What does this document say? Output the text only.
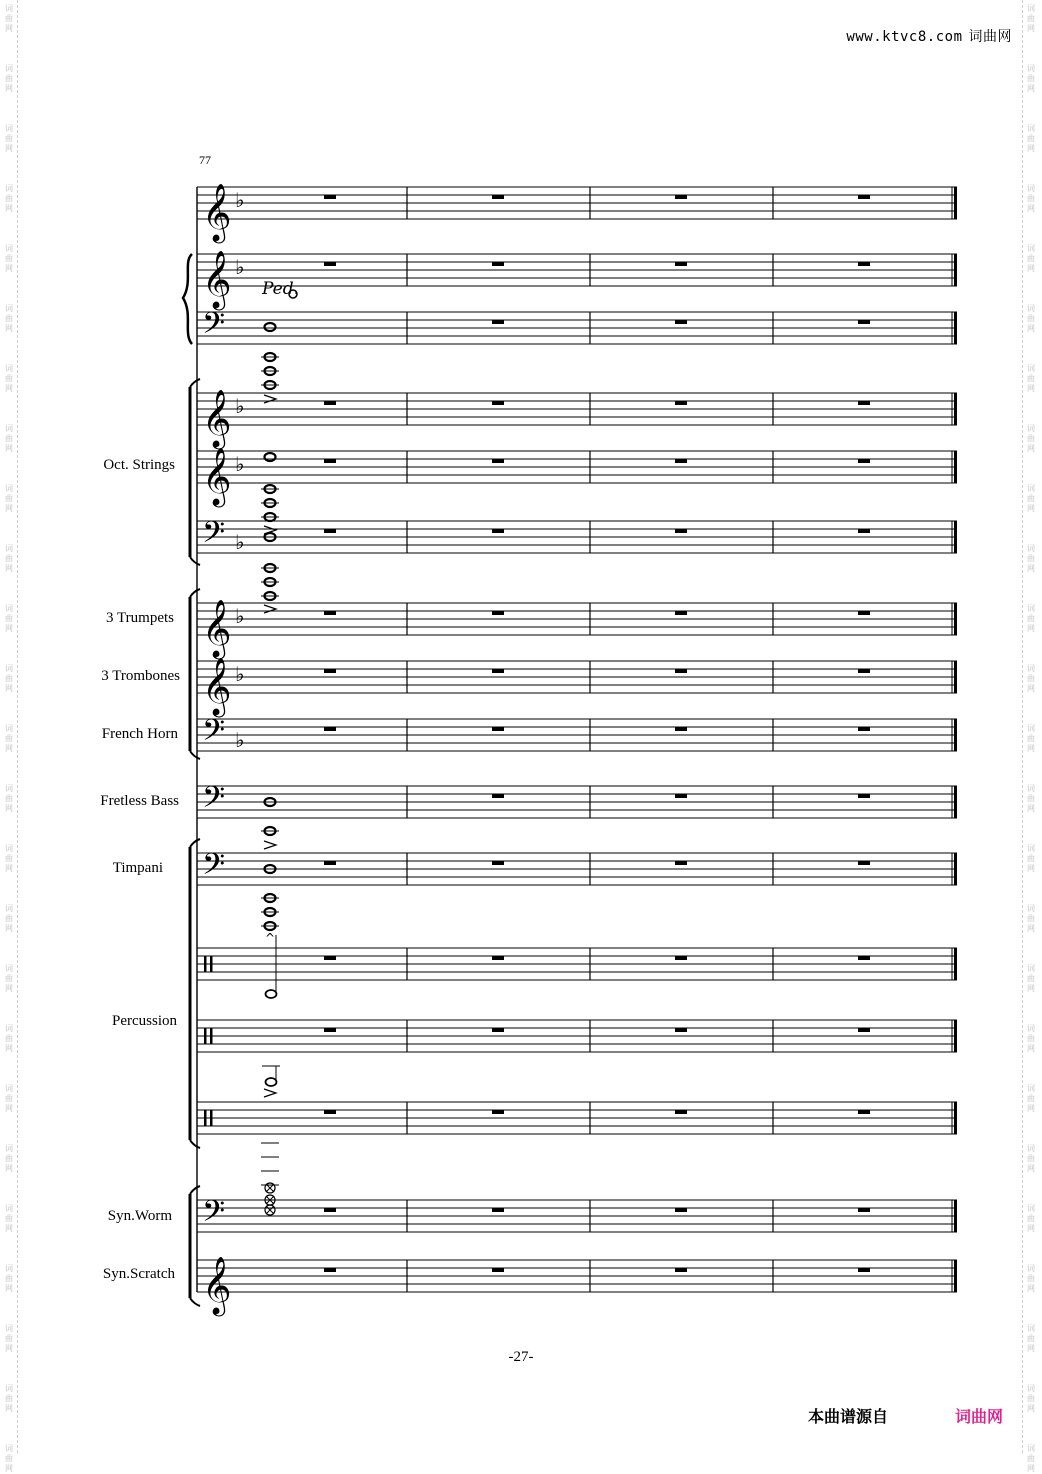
词
曲
网
词
曲
网
词
曲
网
词
曲
网
词
曲
网
词
曲
网
词
曲
网
词
曲
网
词
曲
网
词
曲
网
词
曲
网
词
曲
网
词
曲
网
词
曲
网
词
曲
网
词
曲
网
词
曲
网
词
曲
网
词
曲
网
词
曲
网
词
曲
网
词
曲
网
词
曲
网
词
曲
网
词
曲
网
词
曲
网
词
曲
网
词
曲
网
词
曲
网
词
曲
网
词
曲
网
词
曲
网
词
曲
网
词
曲
网
词
曲
网
词
曲
网
词
曲
网
词
曲
网
词
曲
网
词
曲
网
词
曲
网
词
曲
网
词
曲
网
词
曲
网
词
曲
网
词
曲
网
词
曲
网
词
曲
网
词
曲
网
词
曲
网
www.ktvc8.com 词曲网
77
𝄞 ♭
𝄞 ♭
𝄢
𝄞 ♭
𝄞 ♭
𝄢 ♭
𝄞 ♭
𝄞 ♭
𝄢 ♭
𝄢
𝄢
𝄢
𝄞
Ped.
^
Oct. Strings
3 Trumpets
3 Trombones
French Horn
Fretless Bass
Timpani
Percussion
Syn.Worm
Syn.Scratch
-27-
本曲谱源自	词曲网
